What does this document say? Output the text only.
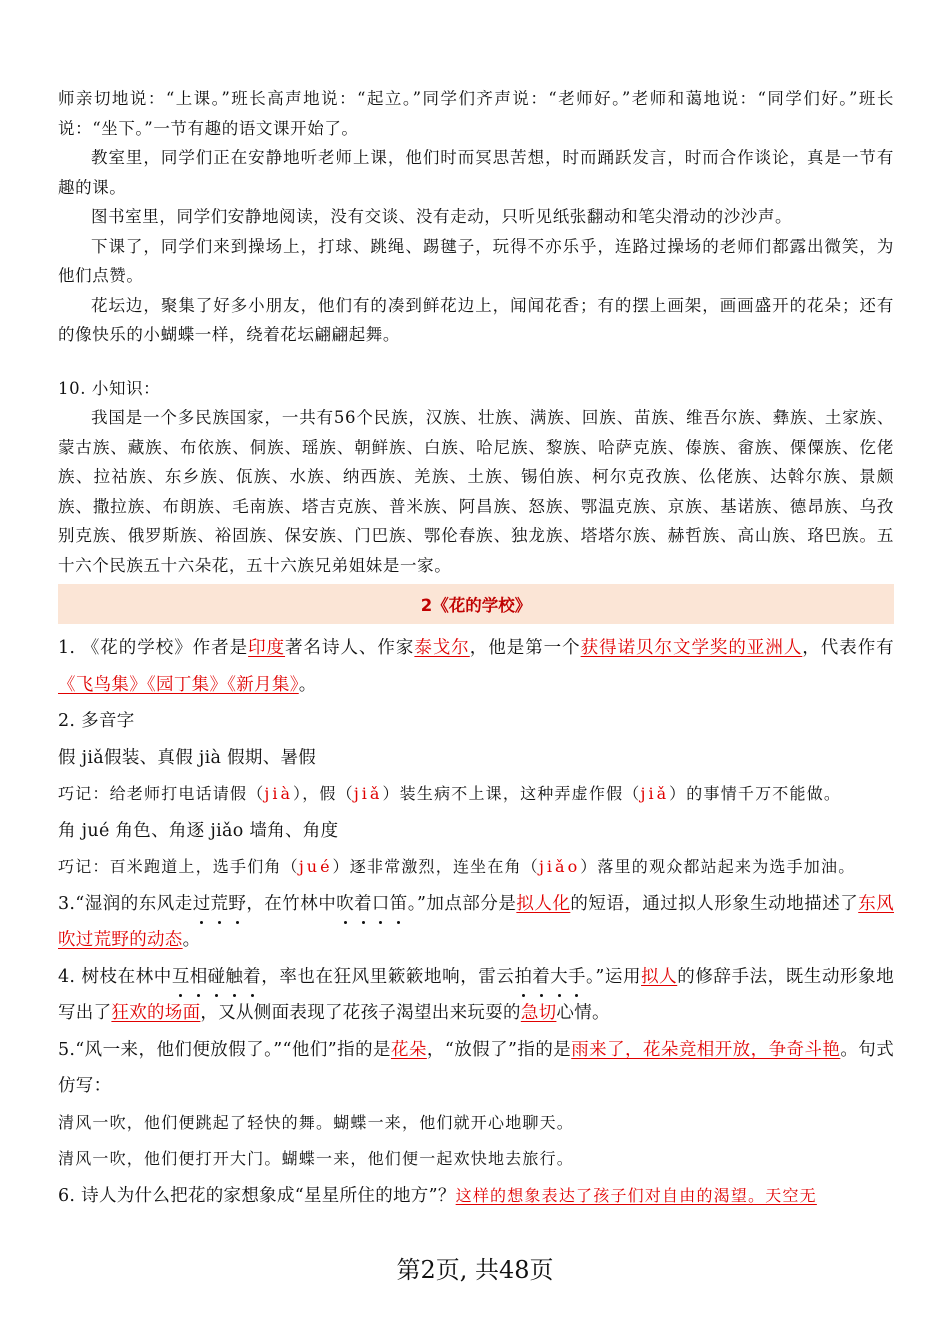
师亲切地说：“上课。”班长高声地说：“起立。”同学们齐声说：“老师好。”老师和蔼地说：“同学们好。”班长说：“坐下。”一节有趣的语文课开始了。

教室里，同学们正在安静地听老师上课，他们时而冥思苦想，时而踊跃发言，时而合作谈论，真是一节有趣的课。

图书室里，同学们安静地阅读，没有交谈、没有走动，只听见纸张翻动和笔尖滑动的沙沙声。

下课了，同学们来到操场上，打球、跳绳、踢毽子，玩得不亦乐乎，连路过操场的老师们都露出微笑，为他们点赞。

花坛边，聚集了好多小朋友，他们有的凑到鲜花边上，闻闻花香；有的摆上画架，画画盛开的花朵；还有的像快乐的小蝴蝶一样，绕着花坛翩翩起舞。

10. 小知识：

我国是一个多民族国家，一共有56个民族，汉族、壮族、满族、回族、苗族、维吾尔族、彝族、土家族、蒙古族、藏族、布依族、侗族、瑶族、朝鲜族、白族、哈尼族、黎族、哈萨克族、傣族、畲族、傈僳族、仡佬族、拉祜族、东乡族、佤族、水族、纳西族、羌族、土族、锡伯族、柯尔克孜族、仫佬族、达斡尔族、景颇族、撒拉族、布朗族、毛南族、塔吉克族、普米族、阿昌族、怒族、鄂温克族、京族、基诺族、德昂族、乌孜别克族、俄罗斯族、裕固族、保安族、门巴族、鄂伦春族、独龙族、塔塔尔族、赫哲族、高山族、珞巴族。五十六个民族五十六朵花，五十六族兄弟姐妹是一家。

2《花的学校》

1. 《花的学校》作者是印度著名诗人、作家泰戈尔，他是第一个获得诺贝尔文学奖的亚洲人，代表作有《飞鸟集》《园丁集》《新月集》。

2. 多音字

假 jiǎ假装、真假 jià 假期、暑假

巧记：给老师打电话请假（jià），假（jiǎ）装生病不上课，这种弄虚作假（jiǎ）的事情千万不能做。

角 jué 角色、角逐 jiǎo 墙角、角度

巧记：百米跑道上，选手们角（jué）逐非常激烈，连坐在角（jiǎo）落里的观众都站起来为选手加油。

3.“湿润的东风走过荒野，在竹林中吹着口笛。”加点部分是拟人化的短语，通过拟人形象生动地描述了东风吹过荒野的动态。

4. 树枝在林中互相碰触着，率也在狂风里簌簌地响，雷云拍着大手。”运用拟人的修辞手法，既生动形象地写出了狂欢的场面，又从侧面表现了花孩子渴望出来玩耍的急切心情。

5.“风一来，他们便放假了。”“他们”指的是花朵，“放假了”指的是雨来了，花朵竞相开放，争奇斗艳。句式仿写：

清风一吹，他们便跳起了轻快的舞。蝴蝶一来，他们就开心地聊天。

清风一吹，他们便打开大门。蝴蝶一来，他们便一起欢快地去旅行。

6. 诗人为什么把花的家想象成“星星所住的地方”？这样的想象表达了孩子们对自由的渴望。天空无

第2页, 共48页
